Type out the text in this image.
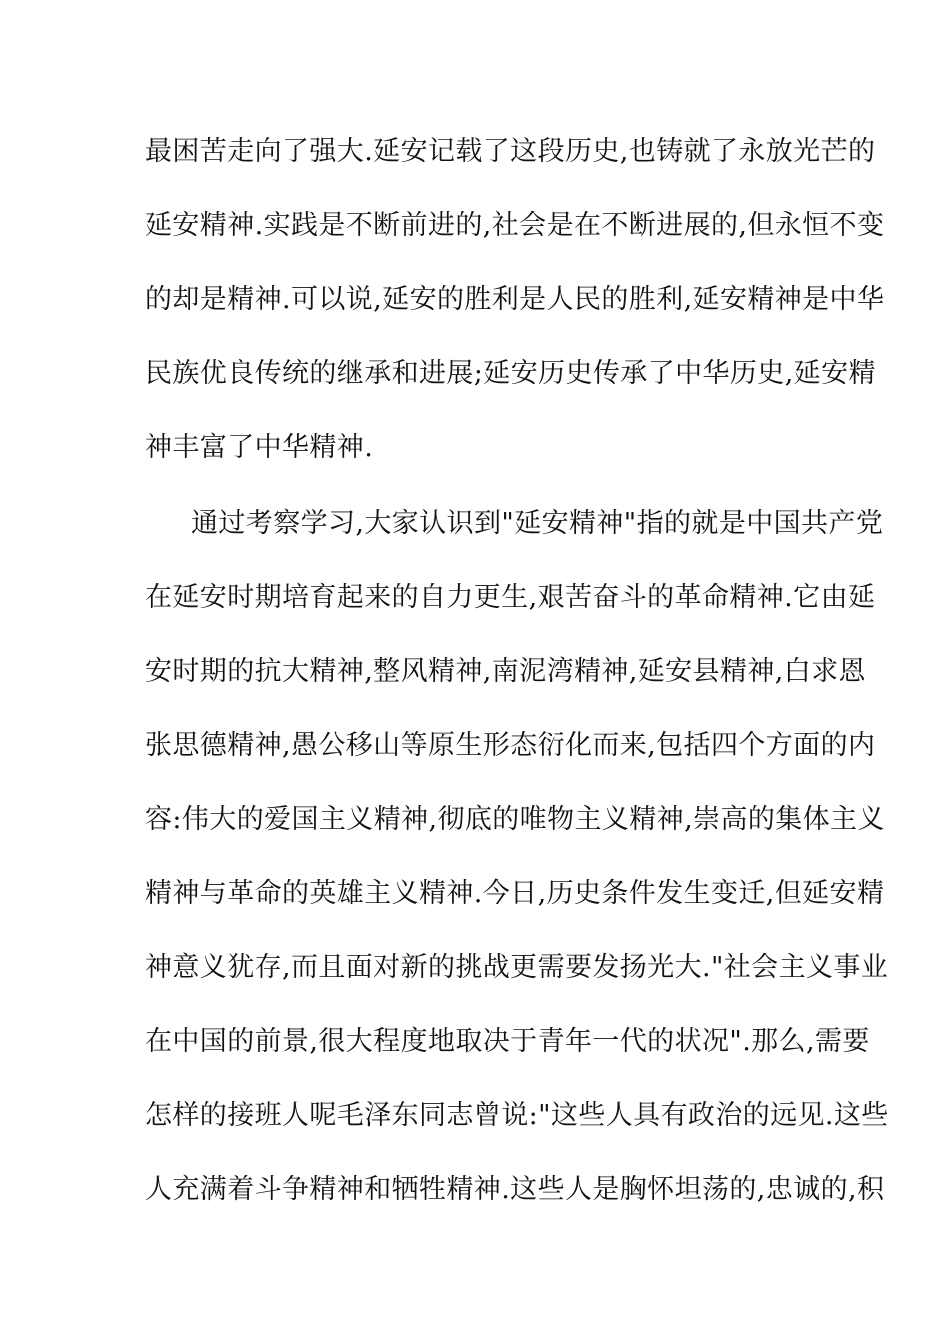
最困苦走向了强大.延安记载了这段历史,也铸就了永放光芒的
延安精神.实践是不断前进的,社会是在不断进展的,但永恒不变
的却是精神.可以说,延安的胜利是人民的胜利,延安精神是中华
民族优良传统的继承和进展;延安历史传承了中华历史,延安精
神丰富了中华精神.
通过考察学习,大家认识到"延安精神"指的就是中国共产党
在延安时期培育起来的自力更生,艰苦奋斗的革命精神.它由延
安时期的抗大精神,整风精神,南泥湾精神,延安县精神,白求恩
张思德精神,愚公移山等原生形态衍化而来,包括四个方面的内
容:伟大的爱国主义精神,彻底的唯物主义精神,崇高的集体主义
精神与革命的英雄主义精神.今日,历史条件发生变迁,但延安精
神意义犹存,而且面对新的挑战更需要发扬光大."社会主义事业
在中国的前景,很大程度地取决于青年一代的状况".那么,需要
怎样的接班人呢毛泽东同志曾说:"这些人具有政治的远见.这些
人充满着斗争精神和牺牲精神.这些人是胸怀坦荡的,忠诚的,积
